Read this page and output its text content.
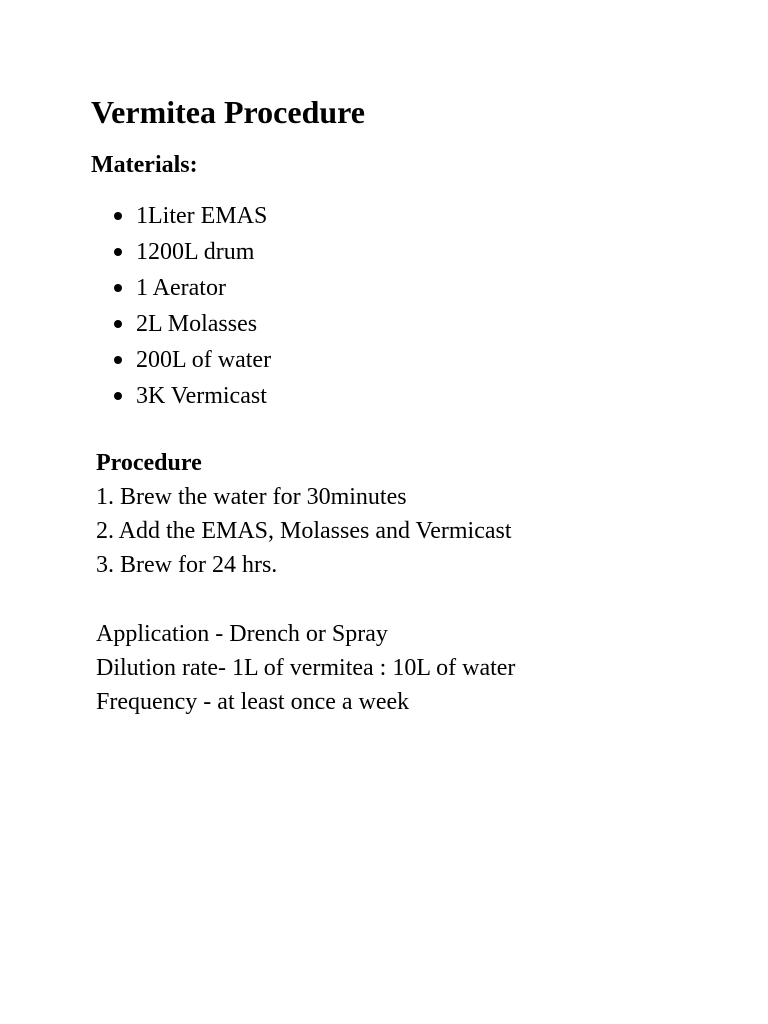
Vermitea Procedure
Materials:
1Liter EMAS
1200L drum
1 Aerator
2L Molasses
200L of water
3K Vermicast

Procedure

1. Brew the water for 30minutes

2. Add the EMAS, Molasses and Vermicast

3. Brew for 24 hrs.

Application - Drench or Spray

Dilution rate- 1L of vermitea : 10L of water

Frequency - at least once a week
